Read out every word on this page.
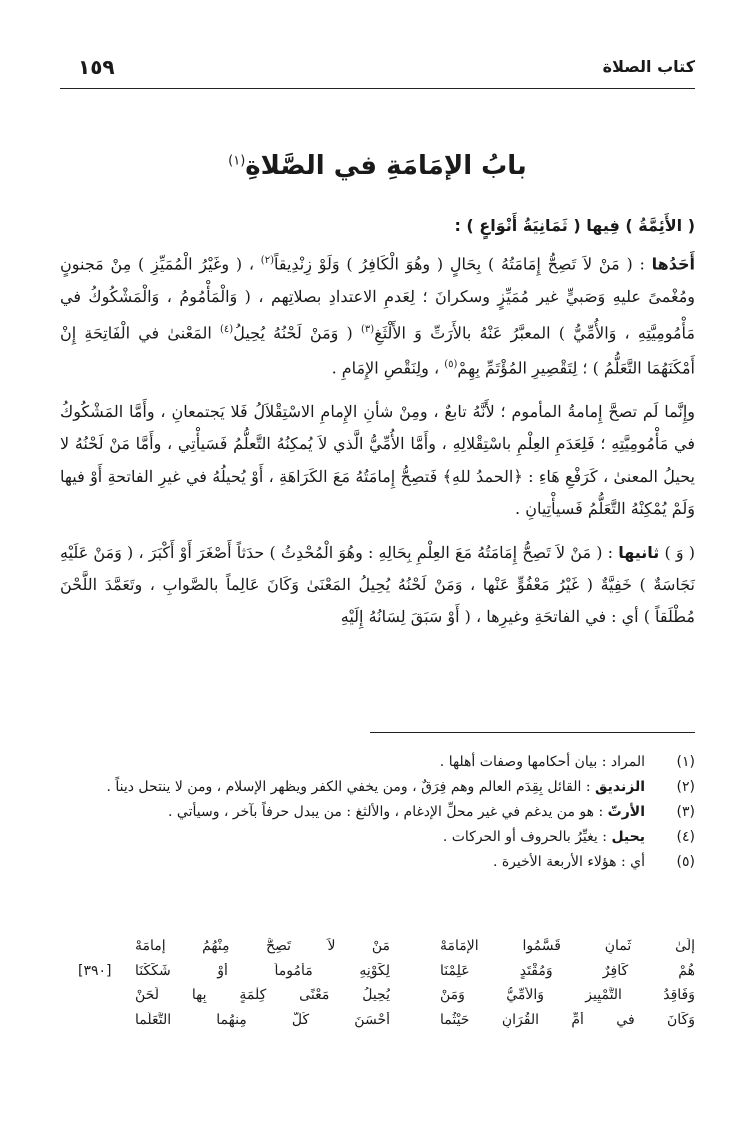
كتاب الصلاة
١٥٩
بابُ الإمَامَةِ في الصَّلاةِ$^{(١)}$

( الأَئِمَّةُ ) فِيها ( ثَمَانِيَةُ أَنْوَاعٍ ) :

أَحَدُها : ( مَنْ لاَ تَصِحُّ إِمَامَتُهُ ) بِحَالٍ ( وهُوَ الْكَافِرُ ) وَلَوْ زِنْدِيقاً$^{(٢)}$ ، ( وغَيْرُ الْمُمَيِّزِ ) مِنْ مَجنونٍ ومُغْمىً عليهِ وَصَبيٍّ غير مُمَيِّزٍ وسكرانَ ؛ لِعَدمِ الاعتدادِ بصلاتِهم ، ( وَالْمَأْمُومُ ، وَالْمَشْكُوكُ في مَأْمُومِيَّتِهِ ، وَالأُمِّيُّ ) المعبَّرُ عَنْهُ بالأَرَتِّ وَ الأَلْثَغِ$^{(٣)}$ ( وَمَنْ لَحْنُهُ يُحِيلُ$^{(٤)}$ المَعْنىٰ في الْفَاتِحَةِ إِنْ أَمْكَنَهُمَا التَّعَلُّمُ ) ؛ لِتَقْصِيرِ المُؤْتَمِّ بِهِمْ$^{(٥)}$ ، ولِنَقْصِ الإِمَامِ .

وإِنَّما لَم تصحَّ إِمامةُ المأموم ؛ لأَنَّهُ تابعٌ ، ومِنْ شأنِ الإِمامِ الاسْتِقْلاَلُ فَلا يَجتمعانِ ، وأَمَّا المَشْكُوكُ في مَأْمُومِيَّتِهِ ؛ فَلِعَدَمِ العِلْمِ باسْتِقْلالِهِ ، وأَمَّا الأُمِّيُّ الَّذي لاَ يُمكِنُهُ التَّعلُّمُ فَسَيأْتِي ، وأَمَّا مَنْ لَحْنُهُ لا يحيلُ المعنىٰ ، كَرَفْعِ هَاءِ : ﴿الحمدُ للهِ﴾ فَتصِحُّ إِمامَتُهُ مَعَ الكَرَاهَةِ ، أَوْ يُحيلُهُ في غيرِ الفاتحةِ أَوْ فيها وَلَمْ يُمْكِنْهُ التَّعَلُّمُ فَسيأْتِيانِ .

( وَ ) ثانيها : ( مَنْ لاَ تَصِحُّ إِمَامَتُهُ مَعَ العِلْمِ بِحَالِهِ : وهُوَ الْمُحْدِثُ ) حدَثاً أَصْغَرَ أَوْ أَكْبَرَ ، ( وَمَنْ عَلَيْهِ نَجَاسَةٌ ) خَفِيَّةٌ ( غَيْرُ مَعْفُوٍّ عَنْها ، وَمَنْ لَحْنُهُ يُحِيلُ المَعْنَىٰ وَكَانَ عَالِماً بالصَّوابِ ، وتَعَمَّدَ اللَّحْنَ مُطْلَقاً ) أي : في الفاتحَةِ وغيرِها ، ( أَوْ سَبَقَ لِسَانُهُ إِلَيْهِ

(١)
المراد : بيان أحكامها وصفات أهلها .
(٢)
الزنديق : القائل بِقِدَم العالم وهم فِرَقٌ ، ومن يخفي الكفر ويظهر الإسلام ، ومن لا ينتحل ديناً .
(٣)
الأرتّ : هو من يدغم في غير محلِّ الإدغام ، والألثغ : من يبدل حرفاً بآخر ، وسيأتي .
(٤)
يحيل : يغيِّرُ بالحروف أو الحركات .
(٥)
أي : هؤلاء الأربعة الأخيرة .
إِلَىٰ ثَمانٍ قَسَّمُوا الإِمَامَهْ
مَنْ لاَ تَصِحُّ مِنْهُمُ إِمامَهْ
هُمْ كَافِرٌ وَمُقْتَدٍ عَلِمْنَا
لِكَوْنِهِ مَأْمُوماً أَوْ شَكَكْنَا
[٣٩٠]
وَفَاقِدُ التَّمْيِيزِ وَالأُمِّيُّ وَمَنْ
يُحِيلُ مَعْنًى كِلْمَةٍ بِها لَحَنْ
وَكَانَ في أُمِّ القُرَانِ حَيْثُما
أَحْسَنَ كُلٌّ مِنهُما التَّعَلُّما
